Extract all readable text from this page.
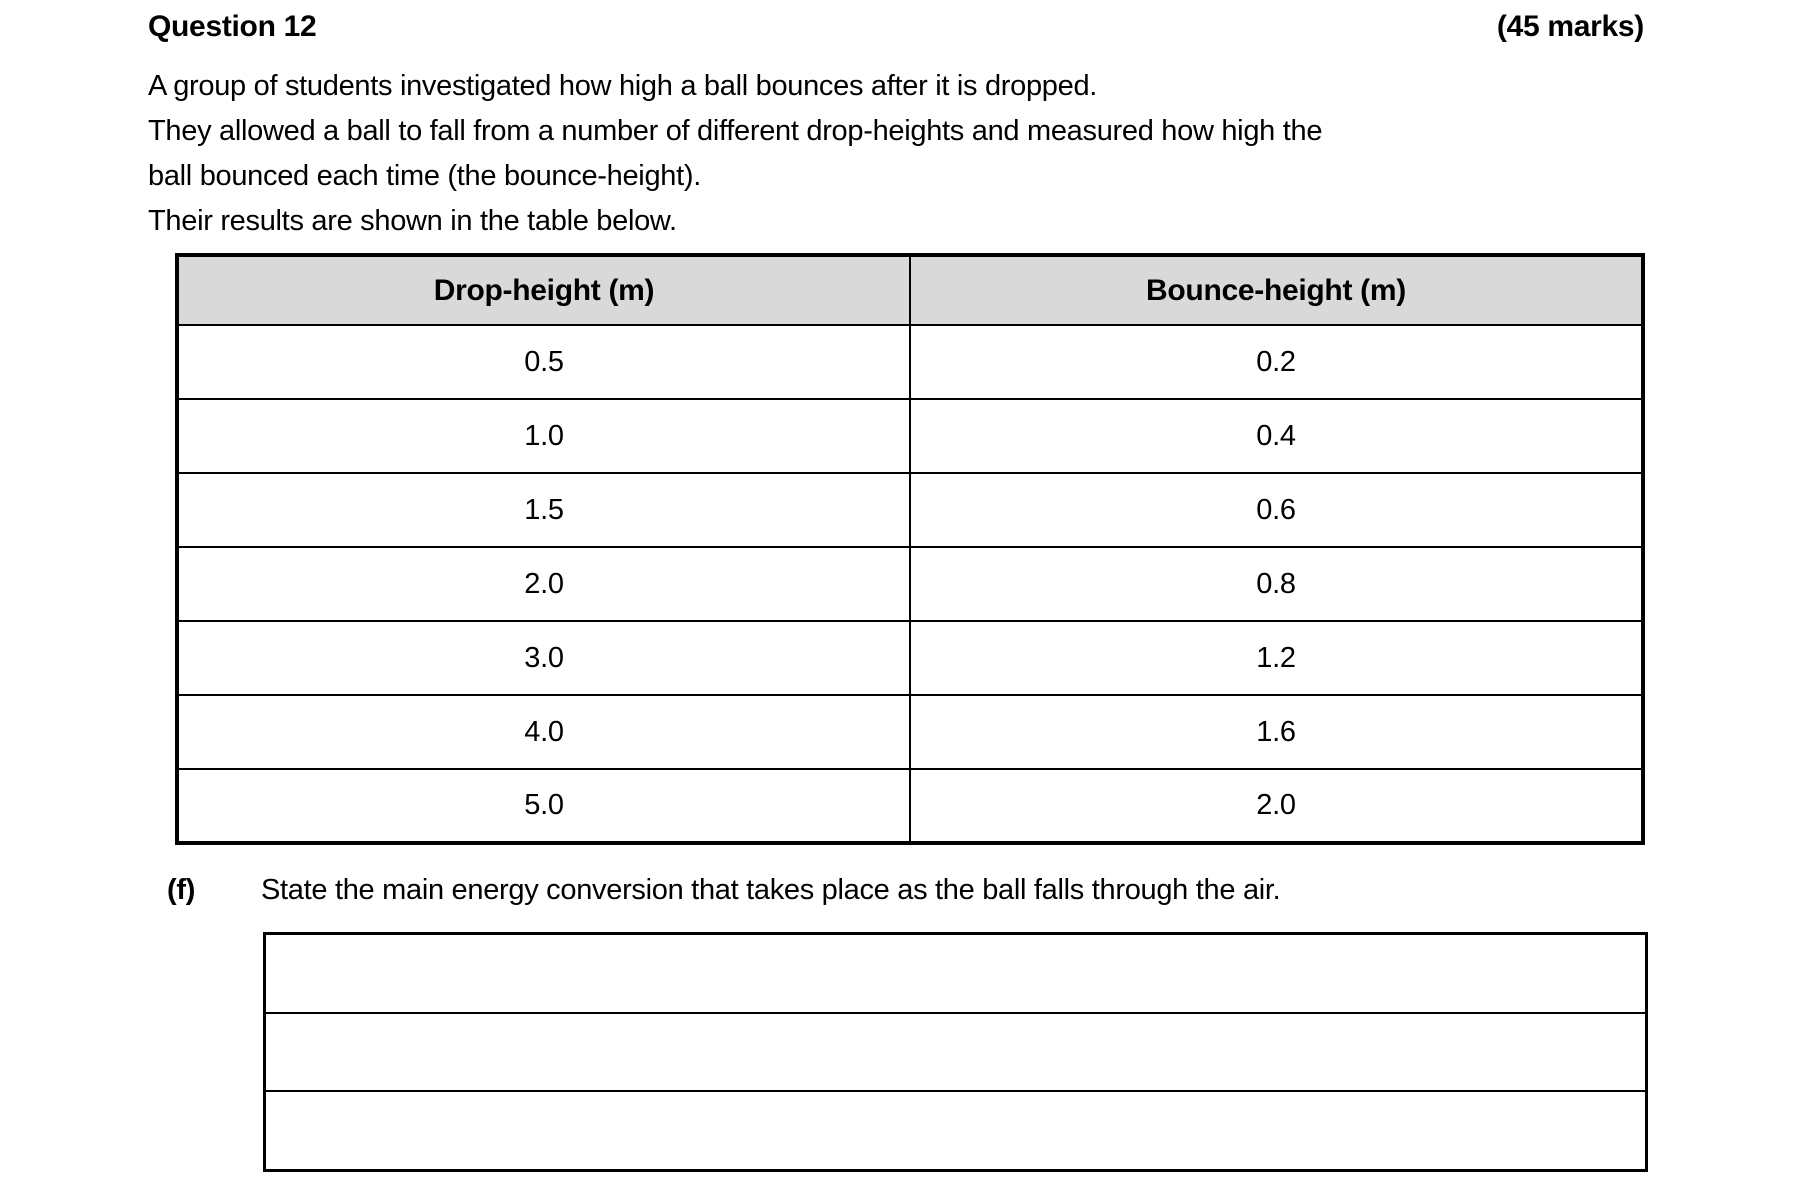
Question 12	(45 marks)
A group of students investigated how high a ball bounces after it is dropped.
They allowed a ball to fall from a number of different drop-heights and measured how high the
ball bounced each time (the bounce-height).
Their results are shown in the table below.
Drop-height (m)	Bounce-height (m)
0.5	0.2
1.0	0.4
1.5	0.6
2.0	0.8
3.0	1.2
4.0	1.6
5.0	2.0
(f)	State the main energy conversion that takes place as the ball falls through the air.
